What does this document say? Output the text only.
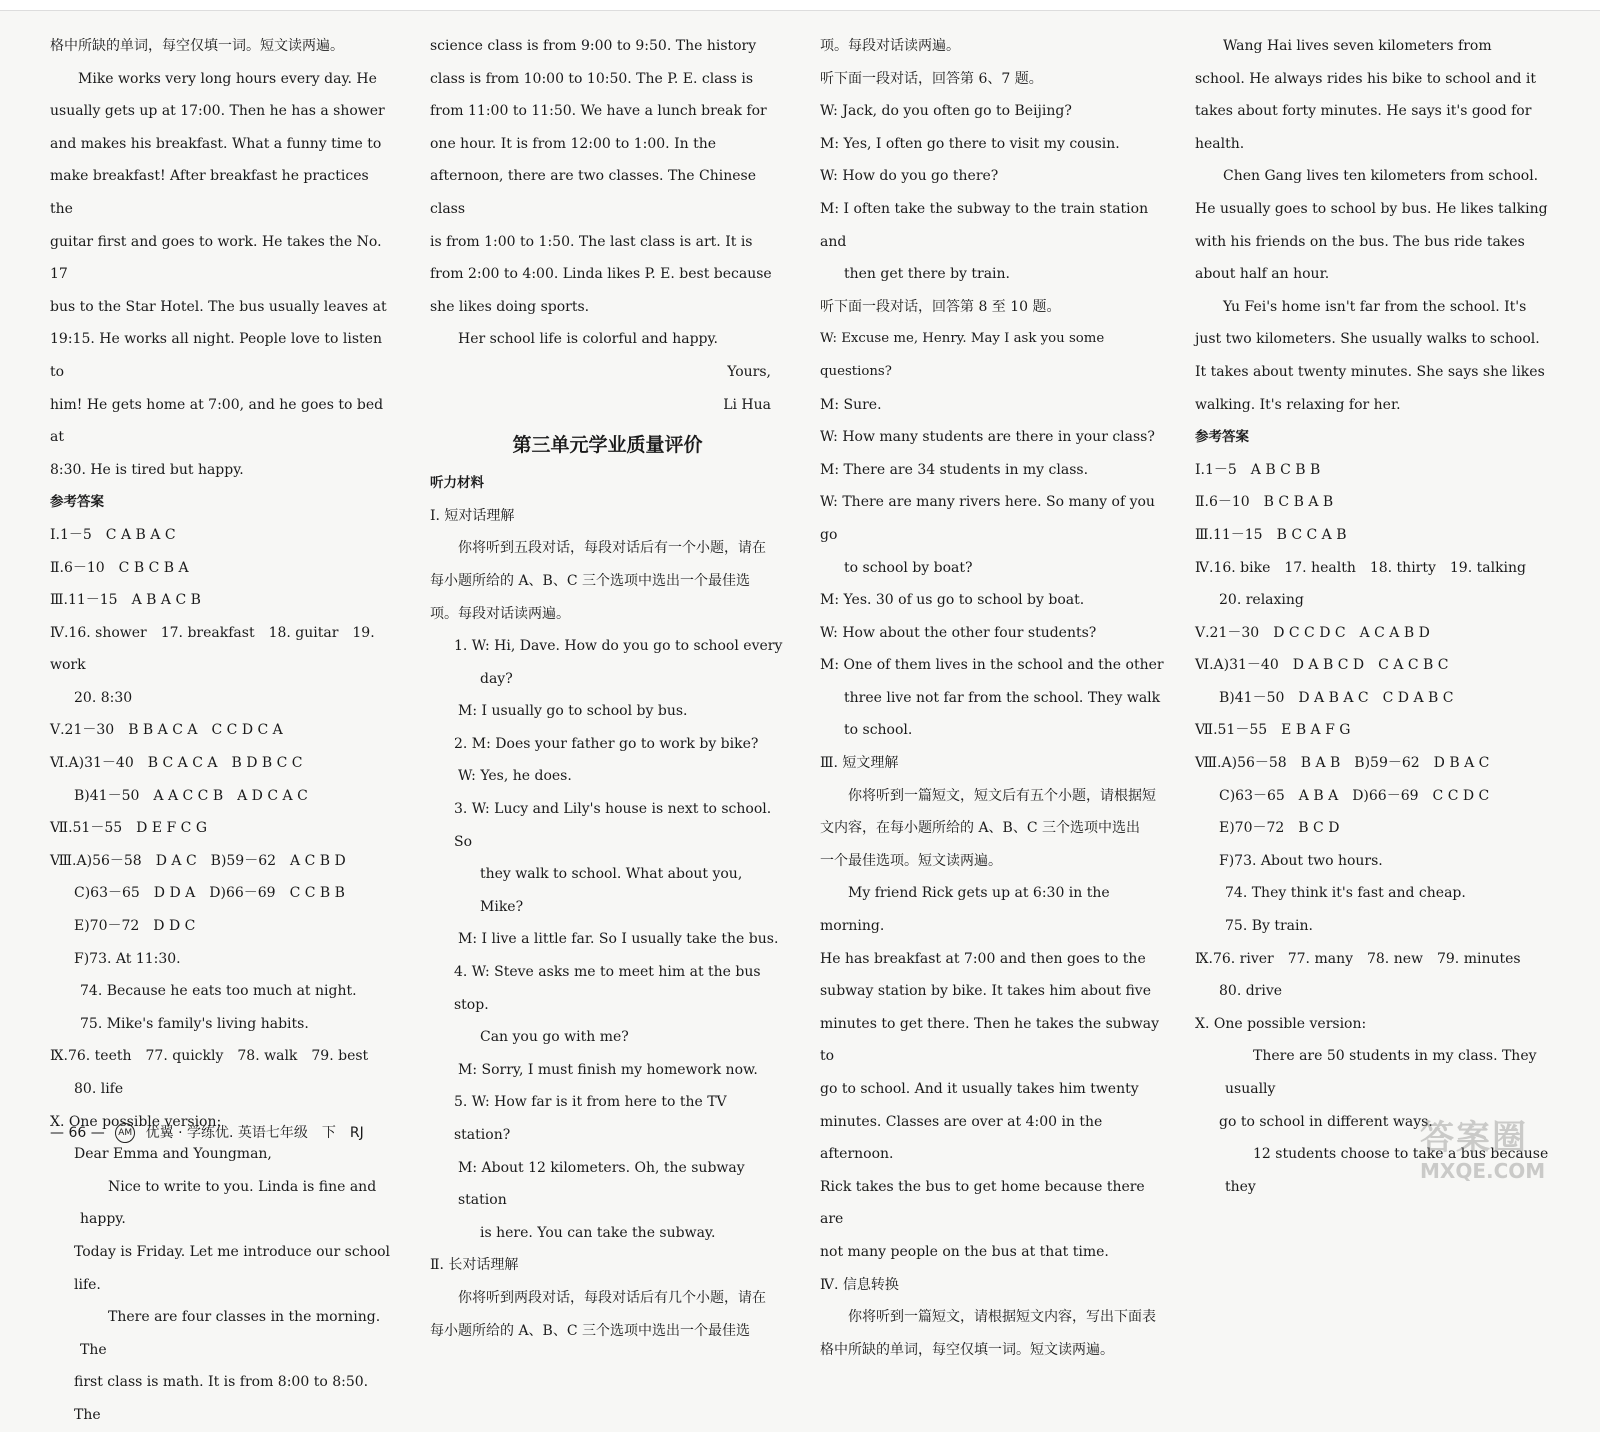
格中所缺的单词，每空仅填一词。短文读两遍。

Mike works very long hours every day. He

usually gets up at 17:00. Then he has a shower

and makes his breakfast. What a funny time to

make breakfast! After breakfast he practices the

guitar first and goes to work. He takes the No. 17

bus to the Star Hotel. The bus usually leaves at

19:15. He works all night. People love to listen to

him! He gets home at 7:00, and he goes to bed at

8:30. He is tired but happy.

参考答案

Ⅰ.1－5　C A B A C

Ⅱ.6－10　C B C B A

Ⅲ.11－15　A B A C B

Ⅳ.16. shower　17. breakfast　18. guitar　19. work

20. 8:30

Ⅴ.21－30　B B A C A　C C D C A

Ⅵ.A)31－40　B C A C A　B D B C C

B)41－50　A A C C B　A D C A C

Ⅶ.51－55　D E F C G

Ⅷ.A)56－58　D A C　B)59－62　A C B D

C)63－65　D D A　D)66－69　C C B B

E)70－72　D D C

F)73. At 11:30.

74. Because he eats too much at night.

75. Mike's family's living habits.

Ⅸ.76. teeth　77. quickly　78. walk　79. best

80. life

Ⅹ. One possible version:

Dear Emma and Youngman,

Nice to write to you. Linda is fine and happy.

Today is Friday. Let me introduce our school life.

There are four classes in the morning. The

first class is math. It is from 8:00 to 8:50. The

science class is from 9:00 to 9:50. The history

class is from 10:00 to 10:50. The P. E. class is

from 11:00 to 11:50. We have a lunch break for

one hour. It is from 12:00 to 1:00. In the

afternoon, there are two classes. The Chinese class

is from 1:00 to 1:50. The last class is art. It is

from 2:00 to 4:00. Linda likes P. E. best because

she likes doing sports.

Her school life is colorful and happy.

Yours,

Li Hua

第三单元学业质量评价

听力材料

Ⅰ. 短对话理解

你将听到五段对话，每段对话后有一个小题，请在

每小题所给的 A、B、C 三个选项中选出一个最佳选

项。每段对话读两遍。

1. W: Hi, Dave. How do you go to school every

day?

M: I usually go to school by bus.

2. M: Does your father go to work by bike?

W: Yes, he does.

3. W: Lucy and Lily's house is next to school. So

they walk to school. What about you, Mike?

M: I live a little far. So I usually take the bus.

4. W: Steve asks me to meet him at the bus stop.

Can you go with me?

M: Sorry, I must finish my homework now.

5. W: How far is it from here to the TV station?

M: About 12 kilometers. Oh, the subway station

is here. You can take the subway.

Ⅱ. 长对话理解

你将听到两段对话，每段对话后有几个小题，请在

每小题所给的 A、B、C 三个选项中选出一个最佳选

项。每段对话读两遍。

听下面一段对话，回答第 6、7 题。

W: Jack, do you often go to Beijing?

M: Yes, I often go there to visit my cousin.

W: How do you go there?

M: I often take the subway to the train station and

then get there by train.

听下面一段对话，回答第 8 至 10 题。

W: Excuse me, Henry. May I ask you some questions?

M: Sure.

W: How many students are there in your class?

M: There are 34 students in my class.

W: There are many rivers here. So many of you go

to school by boat?

M: Yes. 30 of us go to school by boat.

W: How about the other four students?

M: One of them lives in the school and the other

three live not far from the school. They walk

to school.

Ⅲ. 短文理解

你将听到一篇短文，短文后有五个小题，请根据短

文内容，在每小题所给的 A、B、C 三个选项中选出

一个最佳选项。短文读两遍。

My friend Rick gets up at 6:30 in the morning.

He has breakfast at 7:00 and then goes to the

subway station by bike. It takes him about five

minutes to get there. Then he takes the subway to

go to school. And it usually takes him twenty

minutes. Classes are over at 4:00 in the afternoon.

Rick takes the bus to get home because there are

not many people on the bus at that time.

Ⅳ. 信息转换

你将听到一篇短文，请根据短文内容，写出下面表

格中所缺的单词，每空仅填一词。短文读两遍。

Wang Hai lives seven kilometers from

school. He always rides his bike to school and it

takes about forty minutes. He says it's good for

health.

Chen Gang lives ten kilometers from school.

He usually goes to school by bus. He likes talking

with his friends on the bus. The bus ride takes

about half an hour.

Yu Fei's home isn't far from the school. It's

just two kilometers. She usually walks to school.

It takes about twenty minutes. She says she likes

walking. It's relaxing for her.

参考答案

Ⅰ.1－5　A B C B B

Ⅱ.6－10　B C B A B

Ⅲ.11－15　B C C A B

Ⅳ.16. bike　17. health　18. thirty　19. talking

20. relaxing

Ⅴ.21－30　D C C D C　A C A B D

Ⅵ.A)31－40　D A B C D　C A C B C

B)41－50　D A B A C　C D A B C

Ⅶ.51－55　E B A F G

Ⅷ.A)56－58　B A B　B)59－62　D B A C

C)63－65　A B A　D)66－69　C C D C

E)70－72　B C D

F)73. About two hours.

74. They think it's fast and cheap.

75. By train.

Ⅸ.76. river　77. many　78. new　79. minutes

80. drive

Ⅹ. One possible version:

There are 50 students in my class. They usually

go to school in different ways.

12 students choose to take a bus because they

— 66 — AM 优翼 · 学练优. 英语七年级　下　RJ	答案圈
MXQE.COM
